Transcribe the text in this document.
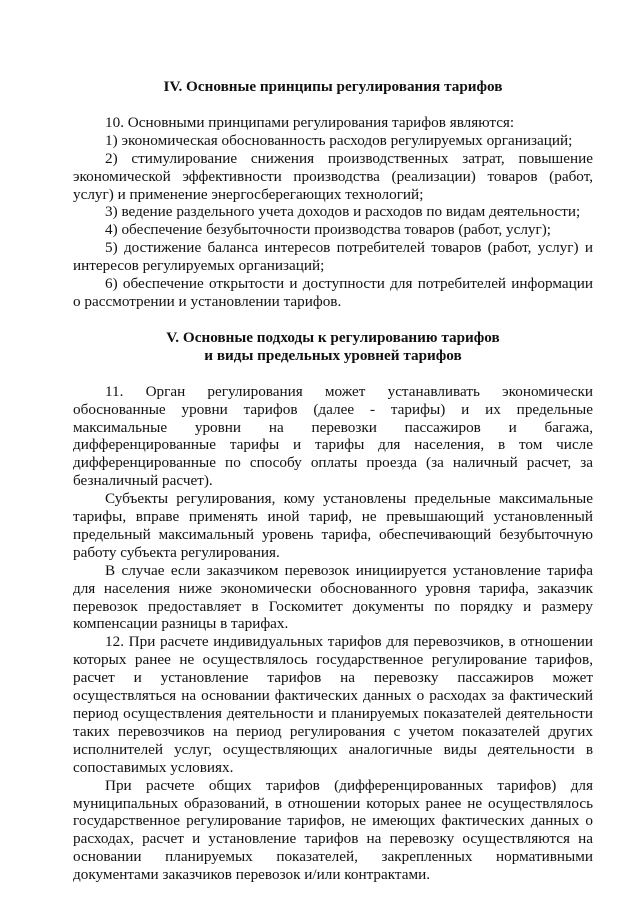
IV. Основные принципы регулирования тарифов

10. Основными принципами регулирования тарифов являются:

1) экономическая обоснованность расходов регулируемых организаций;

2) стимулирование снижения производственных затрат, повышение экономической эффективности производства (реализации) товаров (работ, услуг) и применение энергосберегающих технологий;

3) ведение раздельного учета доходов и расходов по видам деятельности;

4) обеспечение безубыточности производства товаров (работ, услуг);

5) достижение баланса интересов потребителей товаров (работ, услуг) и интересов регулируемых организаций;

6) обеспечение открытости и доступности для потребителей информации о рассмотрении и установлении тарифов.

V. Основные подходы к регулированию тарифов
и виды предельных уровней тарифов

11. Орган регулирования может устанавливать экономически обоснованные уровни тарифов (далее - тарифы) и их предельные максимальные уровни на перевозки пассажиров и багажа, дифференцированные тарифы и тарифы для населения, в том числе дифференцированные по способу оплаты проезда (за наличный расчет, за безналичный расчет).

Субъекты регулирования, кому установлены предельные максимальные тарифы, вправе применять иной тариф, не превышающий установленный предельный максимальный уровень тарифа, обеспечивающий безубыточную работу субъекта регулирования.

В случае если заказчиком перевозок инициируется установление тарифа для населения ниже экономически обоснованного уровня тарифа, заказчик перевозок предоставляет в Госкомитет документы по порядку и размеру компенсации разницы в тарифах.

12. При расчете индивидуальных тарифов для перевозчиков, в отношении которых ранее не осуществлялось государственное регулирование тарифов, расчет и установление тарифов на перевозку пассажиров может осуществляться на основании фактических данных о расходах за фактический период осуществления деятельности и планируемых показателей деятельности таких перевозчиков на период регулирования с учетом показателей других исполнителей услуг, осуществляющих аналогичные виды деятельности в сопоставимых условиях.

При расчете общих тарифов (дифференцированных тарифов) для муниципальных образований, в отношении которых ранее не осуществлялось государственное регулирование тарифов, не имеющих фактических данных о расходах, расчет и установление тарифов на перевозку осуществляются на основании планируемых показателей, закрепленных нормативными документами заказчиков перевозок и/или контрактами.
